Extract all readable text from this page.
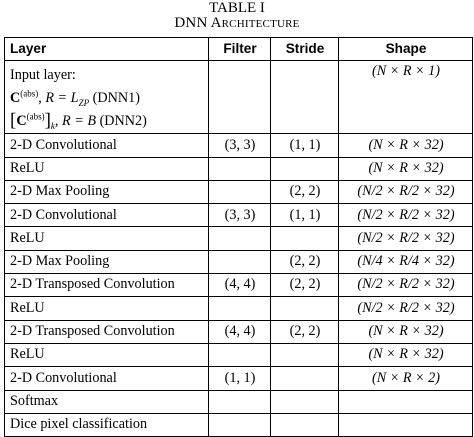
TABLE I
DNN Architecture
Layer	Filter	Stride	Shape

Input layer:
$C^{(abs)}$, $R = L_{ZP}$ (DNN1)
$[C^{(abs)}]_k$, R = B (DNN2)			(N × R × 1)
2-D Convolutional	(3, 3)	(1, 1)	(N × R × 32)
ReLU			(N × R × 32)
2-D Max Pooling		(2, 2)	(N/2 × R/2 × 32)
2-D Convolutional	(3, 3)	(1, 1)	(N/2 × R/2 × 32)
ReLU			(N/2 × R/2 × 32)
2-D Max Pooling		(2, 2)	(N/4 × R/4 × 32)
2-D Transposed Convolution	(4, 4)	(2, 2)	(N/2 × R/2 × 32)
ReLU			(N/2 × R/2 × 32)
2-D Transposed Convolution	(4, 4)	(2, 2)	(N × R × 32)
ReLU			(N × R × 32)
2-D Convolutional	(1, 1)		(N × R × 2)
Softmax			
Dice pixel classification			
